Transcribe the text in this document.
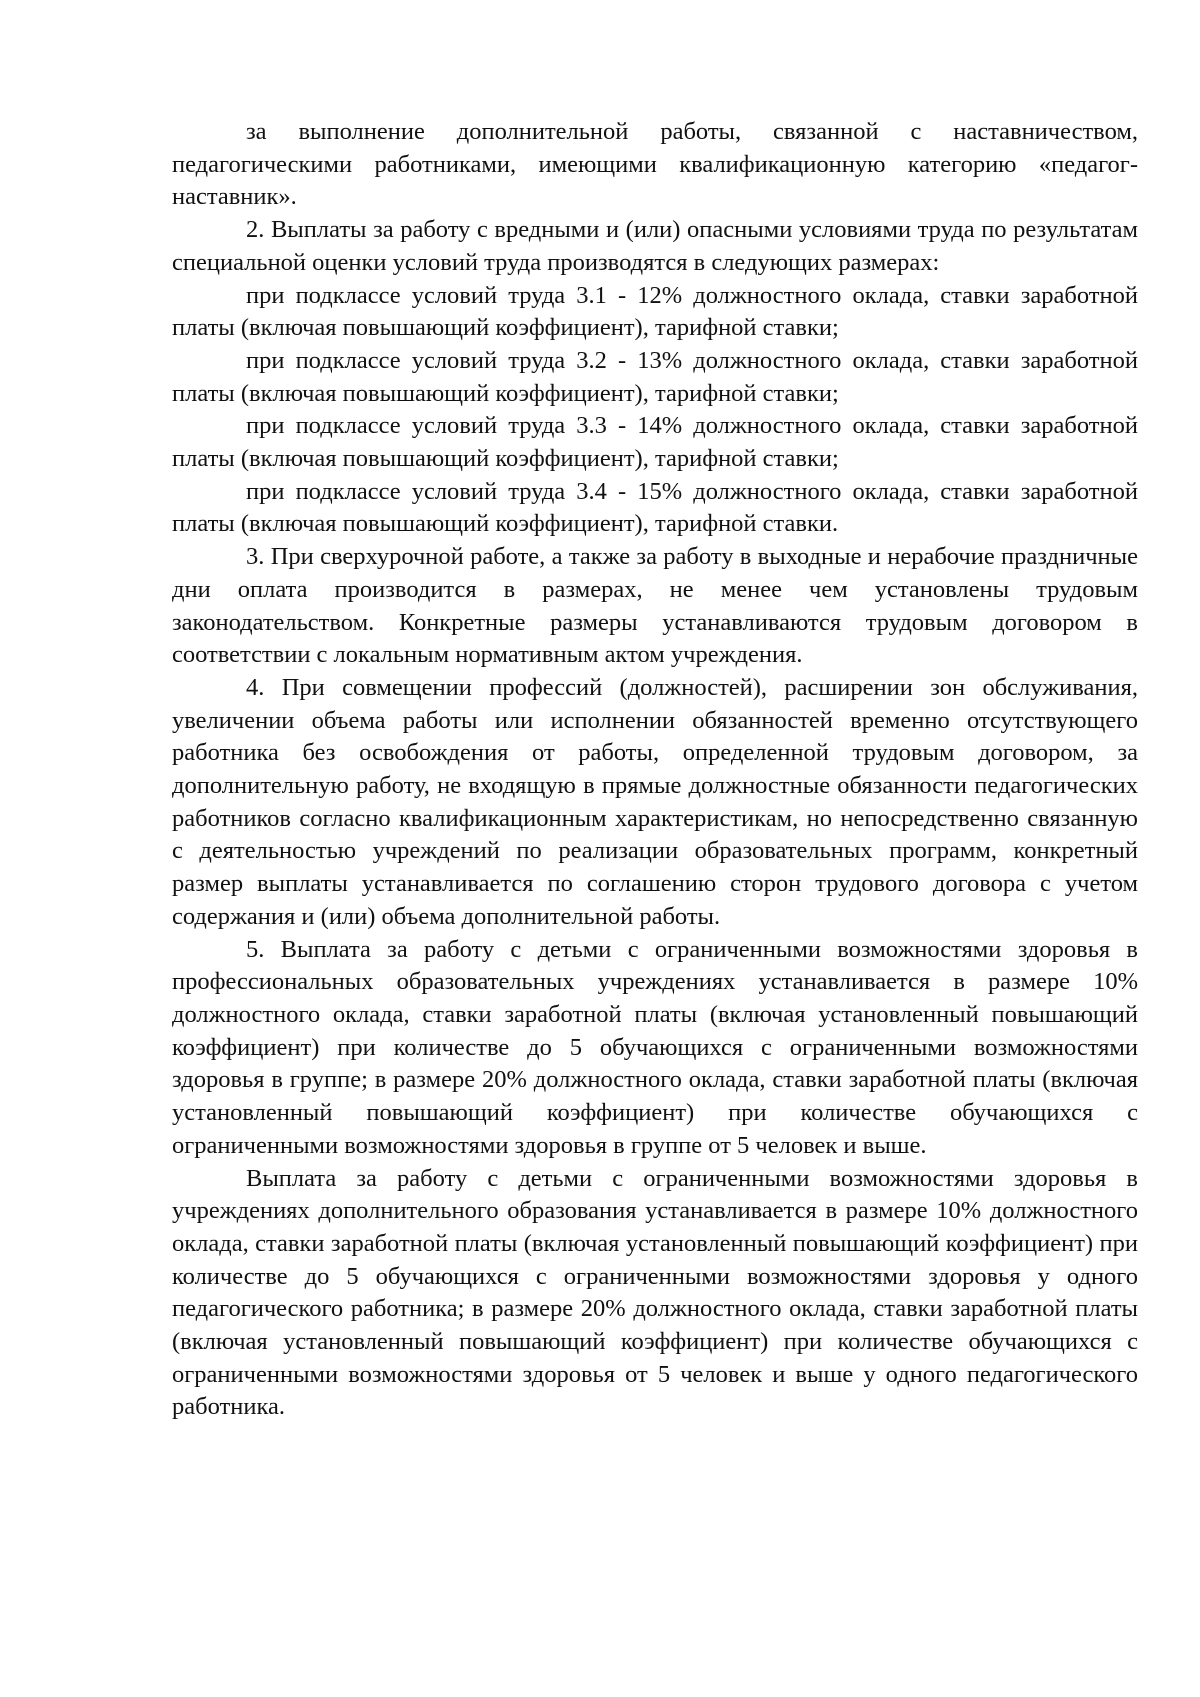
за выполнение дополнительной работы, связанной с наставничеством, педагогическими работниками, имеющими квалификационную категорию «педагог-наставник».

2. Выплаты за работу с вредными и (или) опасными условиями труда по результатам специальной оценки условий труда производятся в следующих размерах:

при подклассе условий труда 3.1 - 12% должностного оклада, ставки заработной платы (включая повышающий коэффициент), тарифной ставки;

при подклассе условий труда 3.2 - 13% должностного оклада, ставки заработной платы (включая повышающий коэффициент), тарифной ставки;

при подклассе условий труда 3.3 - 14% должностного оклада, ставки заработной платы (включая повышающий коэффициент), тарифной ставки;

при подклассе условий труда 3.4 - 15% должностного оклада, ставки заработной платы (включая повышающий коэффициент), тарифной ставки.

3. При сверхурочной работе, а также за работу в выходные и нерабочие праздничные дни оплата производится в размерах, не менее чем установлены трудовым законодательством. Конкретные размеры устанавливаются трудовым договором в соответствии с локальным нормативным актом учреждения.

4. При совмещении профессий (должностей), расширении зон обслуживания, увеличении объема работы или исполнении обязанностей временно отсутствующего работника без освобождения от работы, определенной трудовым договором, за дополнительную работу, не входящую в прямые должностные обязанности педагогических работников согласно квалификационным характеристикам, но непосредственно связанную с деятельностью учреждений по реализации образовательных программ, конкретный размер выплаты устанавливается по соглашению сторон трудового договора с учетом содержания и (или) объема дополнительной работы.

5. Выплата за работу с детьми с ограниченными возможностями здоровья в профессиональных образовательных учреждениях устанавливается в размере 10% должностного оклада, ставки заработной платы (включая установленный повышающий коэффициент) при количестве до 5 обучающихся с ограниченными возможностями здоровья в группе; в размере 20% должностного оклада, ставки заработной платы (включая установленный повышающий коэффициент) при количестве обучающихся с ограниченными возможностями здоровья в группе от 5 человек и выше.

Выплата за работу с детьми с ограниченными возможностями здоровья в учреждениях дополнительного образования устанавливается в размере 10% должностного оклада, ставки заработной платы (включая установленный повышающий коэффициент) при количестве до 5 обучающихся с ограниченными возможностями здоровья у одного педагогического работника; в размере 20% должностного оклада, ставки заработной платы (включая установленный повышающий коэффициент) при количестве обучающихся с ограниченными возможностями здоровья от 5 человек и выше у одного педагогического работника.
